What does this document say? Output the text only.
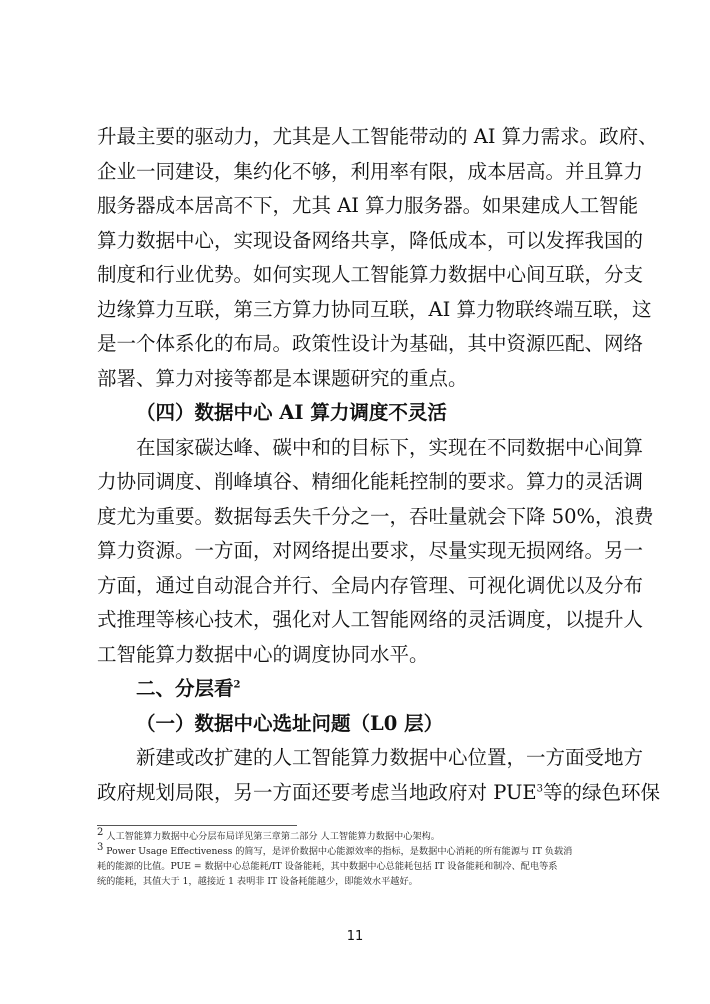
升最主要的驱动力，尤其是人工智能带动的 AI 算力需求。政府、
企业一同建设，集约化不够，利用率有限，成本居高。并且算力
服务器成本居高不下，尤其 AI 算力服务器。如果建成人工智能
算力数据中心，实现设备网络共享，降低成本，可以发挥我国的
制度和行业优势。如何实现人工智能算力数据中心间互联，分支
边缘算力互联，第三方算力协同互联，AI 算力物联终端互联，这
是一个体系化的布局。政策性设计为基础，其中资源匹配、网络
部署、算力对接等都是本课题研究的重点。
（四）数据中心 AI 算力调度不灵活
在国家碳达峰、碳中和的目标下，实现在不同数据中心间算
力协同调度、削峰填谷、精细化能耗控制的要求。算力的灵活调
度尤为重要。数据每丢失千分之一，吞吐量就会下降 50%，浪费
算力资源。一方面，对网络提出要求，尽量实现无损网络。另一
方面，通过自动混合并行、全局内存管理、可视化调优以及分布
式推理等核心技术，强化对人工智能网络的灵活调度，以提升人
工智能算力数据中心的调度协同水平。
二、分层看$^2$
（一）数据中心选址问题（L0 层）
新建或改扩建的人工智能算力数据中心位置，一方面受地方
政府规划局限，另一方面还要考虑当地政府对 PUE$^3$等的绿色环保
$^2$ 人工智能算力数据中心分层布局详见第三章第二部分 人工智能算力数据中心架构。
$^3$ Power Usage Effectiveness 的简写，是评价数据中心能源效率的指标，是数据中心消耗的所有能源与 IT 负载消
耗的能源的比值。PUE = 数据中心总能耗/IT 设备能耗，其中数据中心总能耗包括 IT 设备能耗和制冷、配电等系
统的能耗，其值大于 1，越接近 1 表明非 IT 设备耗能越少，即能效水平越好。
11
